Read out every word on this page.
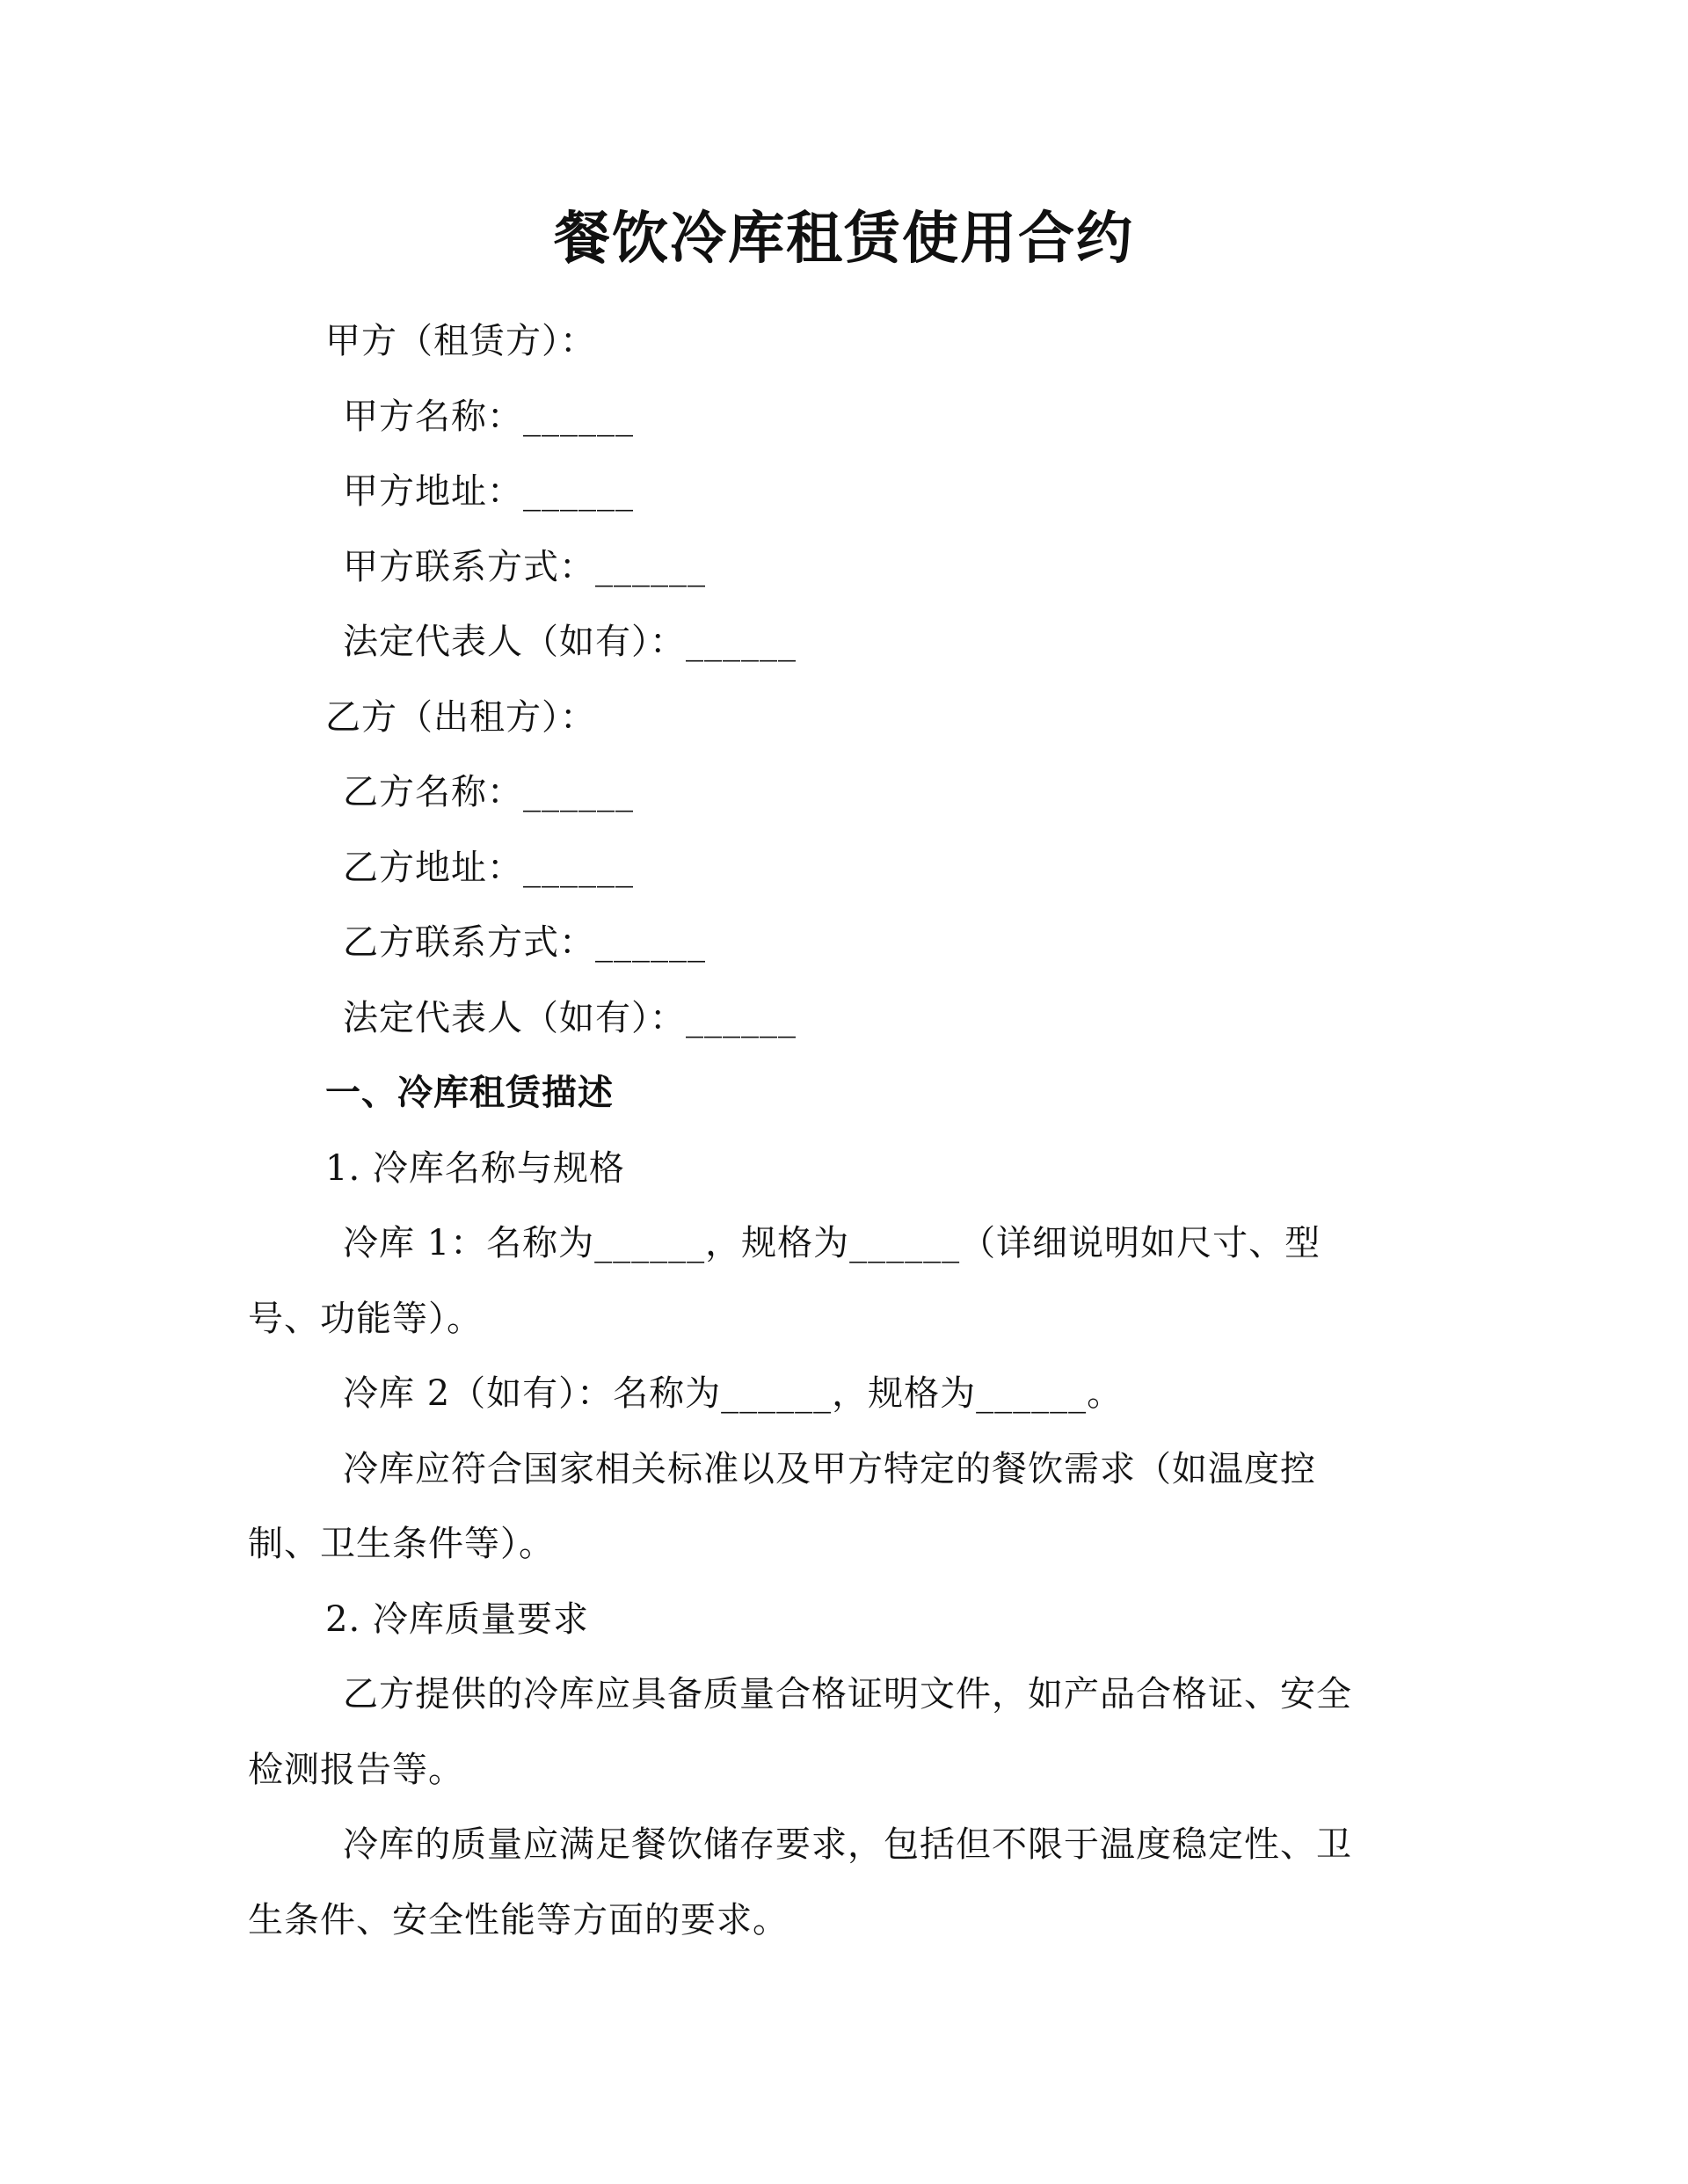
餐饮冷库租赁使用合约
甲方（租赁方）：
甲方名称：______
甲方地址：______
甲方联系方式：______
法定代表人（如有）：______
乙方（出租方）：
乙方名称：______
乙方地址：______
乙方联系方式：______
法定代表人（如有）：______
一、冷库租赁描述
1. 冷库名称与规格
冷库 1：名称为______，规格为______（详细说明如尺寸、型
号、功能等）。
冷库 2（如有）：名称为______，规格为______。
冷库应符合国家相关标准以及甲方特定的餐饮需求（如温度控
制、卫生条件等）。
2. 冷库质量要求
乙方提供的冷库应具备质量合格证明文件，如产品合格证、安全
检测报告等。
冷库的质量应满足餐饮储存要求，包括但不限于温度稳定性、卫
生条件、安全性能等方面的要求。
